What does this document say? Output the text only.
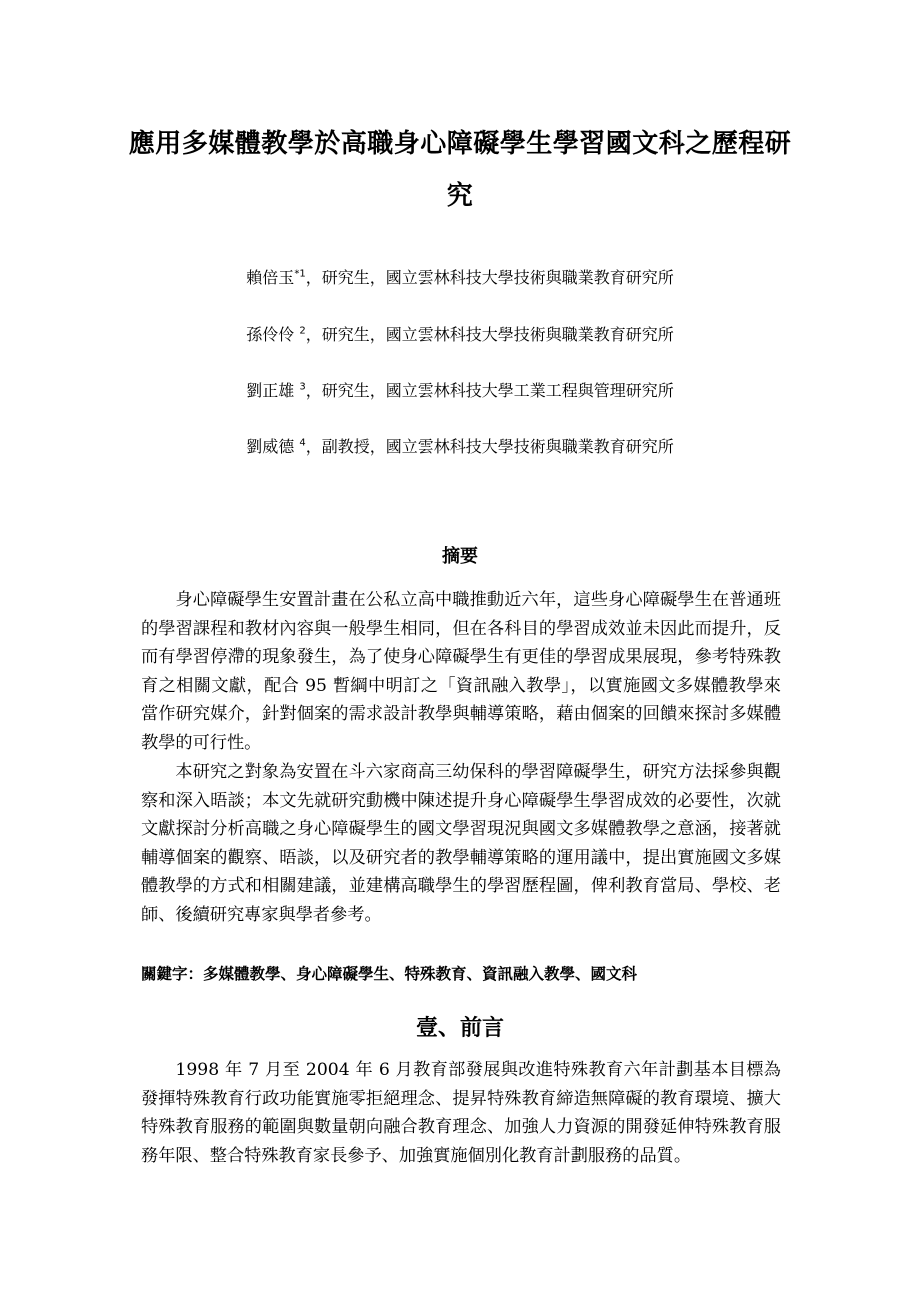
應用多媒體教學於高職身心障礙學生學習國文科之歷程研究
賴倍玉$^{*1}$，研究生，國立雲林科技大學技術與職業教育研究所
孫伶伶 $^2$，研究生，國立雲林科技大學技術與職業教育研究所
劉正雄 $^3$，研究生，國立雲林科技大學工業工程與管理研究所
劉威德 $^4$，副教授，國立雲林科技大學技術與職業教育研究所
摘要

身心障礙學生安置計畫在公私立高中職推動近六年，這些身心障礙學生在普通班的學習課程和教材內容與一般學生相同，但在各科目的學習成效並未因此而提升，反而有學習停滯的現象發生，為了使身心障礙學生有更佳的學習成果展現，參考特殊教育之相關文獻，配合 95 暫綱中明訂之「資訊融入教學」，以實施國文多媒體教學來當作研究媒介，針對個案的需求設計教學與輔導策略，藉由個案的回饋來探討多媒體教學的可行性。

本研究之對象為安置在斗六家商高三幼保科的學習障礙學生，研究方法採參與觀察和深入晤談；本文先就研究動機中陳述提升身心障礙學生學習成效的必要性，次就文獻探討分析高職之身心障礙學生的國文學習現況與國文多媒體教學之意涵，接著就輔導個案的觀察、晤談，以及研究者的教學輔導策略的運用議中，提出實施國文多媒體教學的方式和相關建議，並建構高職學生的學習歷程圖，俾利教育當局、學校、老師、後續研究專家與學者參考。

關鍵字：多媒體教學、身心障礙學生、特殊教育、資訊融入教學、國文科
壹、前言

1998 年 7 月至 2004 年 6 月教育部發展與改進特殊教育六年計劃基本目標為發揮特殊教育行政功能實施零拒絕理念、提昇特殊教育締造無障礙的教育環境、擴大特殊教育服務的範圍與數量朝向融合教育理念、加強人力資源的開發延伸特殊教育服務年限、整合特殊教育家長參予、加強實施個別化教育計劃服務的品質。
